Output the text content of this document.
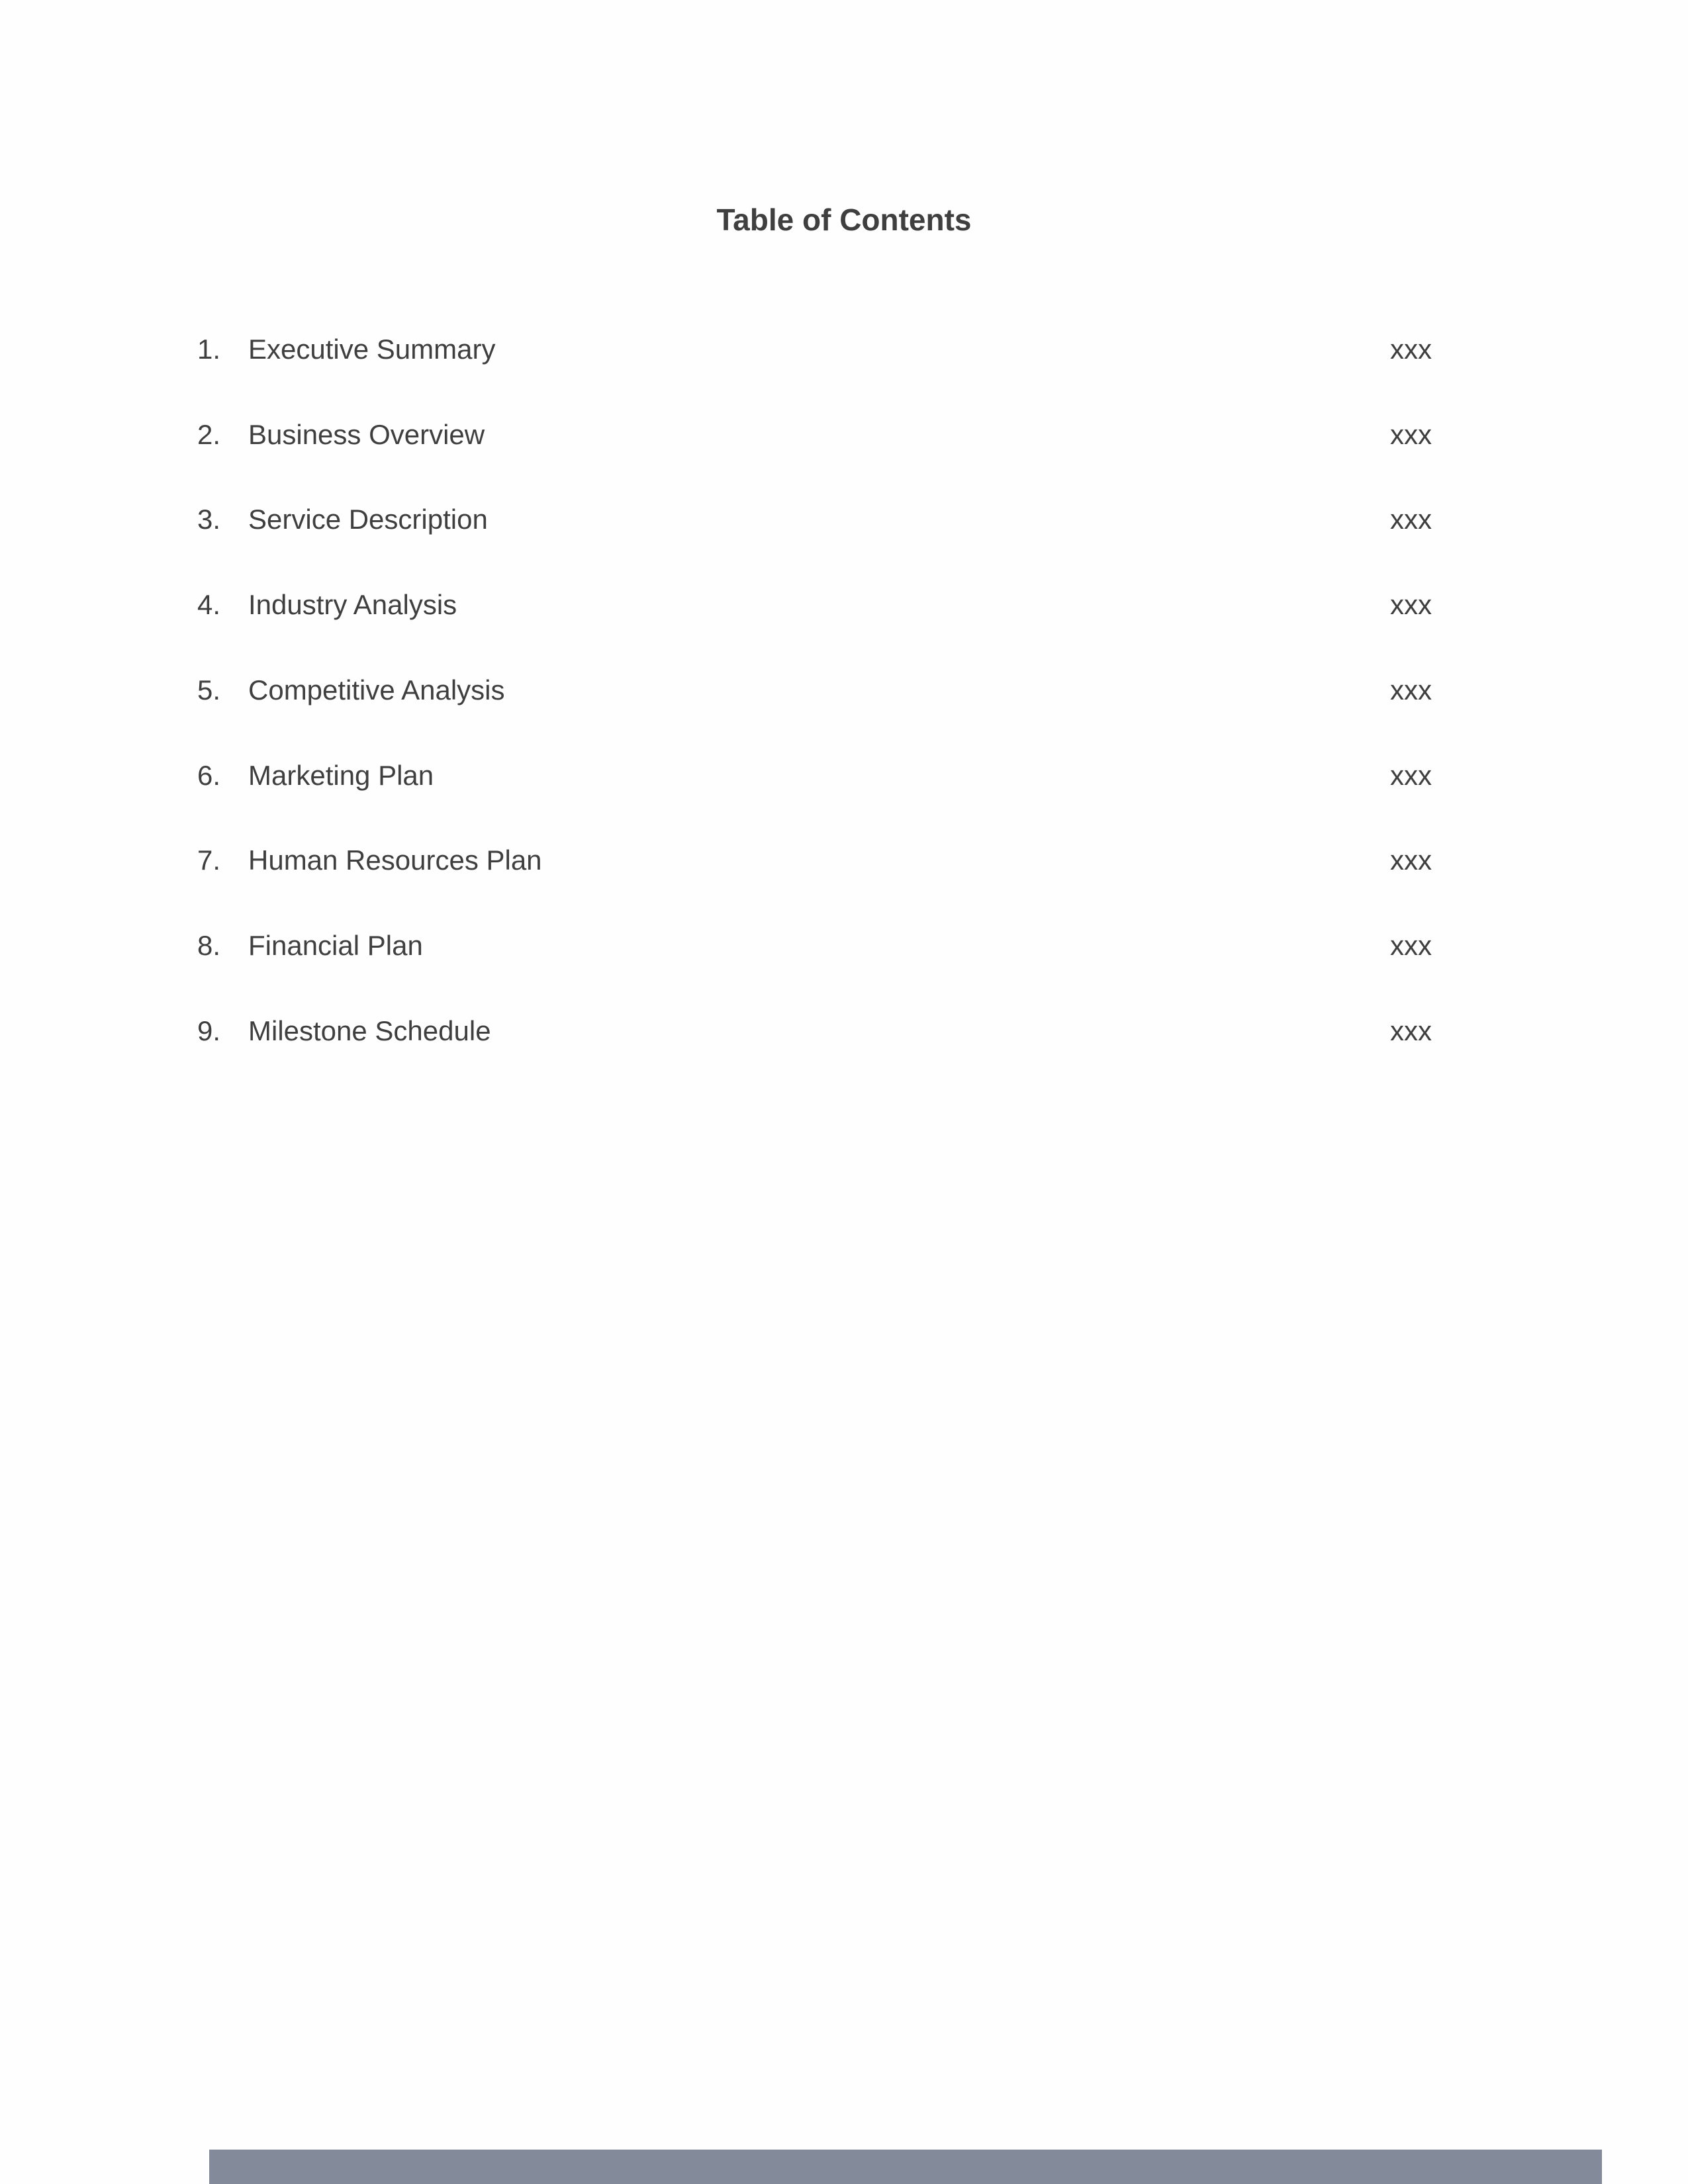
Table of Contents
1. Executive Summary	xxx
2. Business Overview	xxx
3. Service Description	xxx
4. Industry Analysis	xxx
5. Competitive Analysis	xxx
6. Marketing Plan	xxx
7. Human Resources Plan	xxx
8. Financial Plan	xxx
9. Milestone Schedule	xxx
